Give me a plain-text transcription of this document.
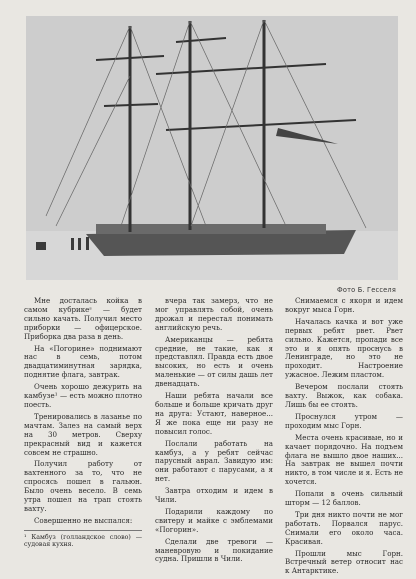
Фото Б. Гесселя

Мне досталась койка в самом кубрикеˢ — будет сильно качать. Получил место приборки — офицерское. Приборка два раза в день.

На «Погорине» поднимают нас в семь, потом двадцатиминутная зарядка, поднятие флага, завтрак.

Очень хорошо дежурить на камбузе¹ — есть можно плотно поесть.

Тренировались в лазанье по мачтам. Залез на самый верх на 30 метров. Сверху прекрасный вид и кажется совсем не страшно.

Получил работу от вахтенного за то, что не спросясь пошел в гальюн. Было очень весело. В семь утра пошел на трап стоять вахту.

Совершенно не выспался:

¹ Камбуз (голландское слово) — судовая кухня.

вчера так замерз, что не мог управлять собой, очень дрожал и перестал понимать английскую речь.

Американцы — ребята средние, не такие, как я представлял. Правда есть двое высоких, но есть и очень маленькие — от силы дашь лет двенадцать.

Наши ребята начали все больше и больше кричать друг на друга: Устают, наверное... Я же пока еще ни разу не повысил голос.

Послали работать на камбуз, а у ребят сейчас парусный аврал. Завидую им: они работают с парусами, а я нет.

Завтра отходим и идем в Чили.

Подарили каждому по свитеру и майке с эмблемами «Погорин».

Сделали две тревоги — маневровую и покидание судна. Пришли в Чили.

Снимаемся с якоря и идем вокруг мыса Горн.

Началась качка и вот уже первых ребят рвет. Рвет сильно. Кажется, пропади все это и я опять проснусь в Ленинграде, но это не проходит. Настроение ужасное. Лежим пластом.

Вечером послали стоять вахту. Выжок, как собака. Лишь бы ее стоять.

Проснулся утром — проходим мыс Горн.

Места очень красивые, но и качает порядочно. На подъем флага не вышло двое наших... На завтрак не вышел почти никто, в том числе и я. Есть не хочется.

Попали в очень сильный шторм — 12 баллов.

Три дня никто почти не мог работать. Порвался парус. Снимали его около часа. Красивая.

Прошли мыс Горн. Встречный ветер относит нас к Антарктике.
